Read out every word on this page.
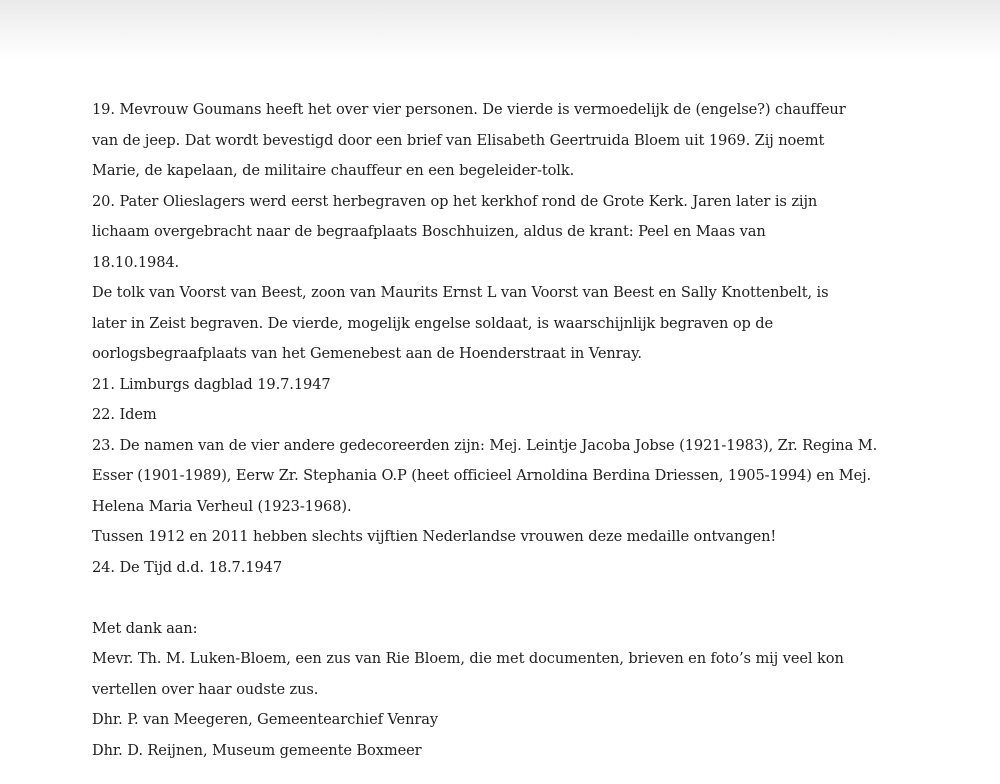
19. Mevrouw Goumans heeft het over vier personen. De vierde is vermoedelijk de (engelse?) chauffeur
van de jeep. Dat wordt bevestigd door een brief van Elisabeth Geertruida Bloem uit 1969. Zij noemt
Marie, de kapelaan, de militaire chauffeur en een begeleider-tolk.
20. Pater Olieslagers werd eerst herbegraven op het kerkhof rond de Grote Kerk. Jaren later is zijn
lichaam overgebracht naar de begraafplaats Boschhuizen, aldus de krant: Peel en Maas van
18.10.1984.
De tolk van Voorst van Beest, zoon van Maurits Ernst L van Voorst van Beest en Sally Knottenbelt, is
later in Zeist begraven. De vierde, mogelijk engelse soldaat, is waarschijnlijk begraven op de
oorlogsbegraafplaats van het Gemenebest aan de Hoenderstraat in Venray.
21. Limburgs dagblad 19.7.1947
22. Idem
23. De namen van de vier andere gedecoreerden zijn: Mej. Leintje Jacoba Jobse (1921-1983), Zr. Regina M.
Esser (1901-1989), Eerw Zr. Stephania O.P (heet officieel Arnoldina Berdina Driessen, 1905-1994) en Mej.
Helena Maria Verheul (1923-1968).
Tussen 1912 en 2011 hebben slechts vijftien Nederlandse vrouwen deze medaille ontvangen!
24. De Tijd d.d. 18.7.1947
Met dank aan:
Mevr. Th. M. Luken-Bloem, een zus van Rie Bloem, die met documenten, brieven en foto’s mij veel kon
vertellen over haar oudste zus.
Dhr. P. van Meegeren, Gemeentearchief Venray
Dhr. D. Reijnen, Museum gemeente Boxmeer
